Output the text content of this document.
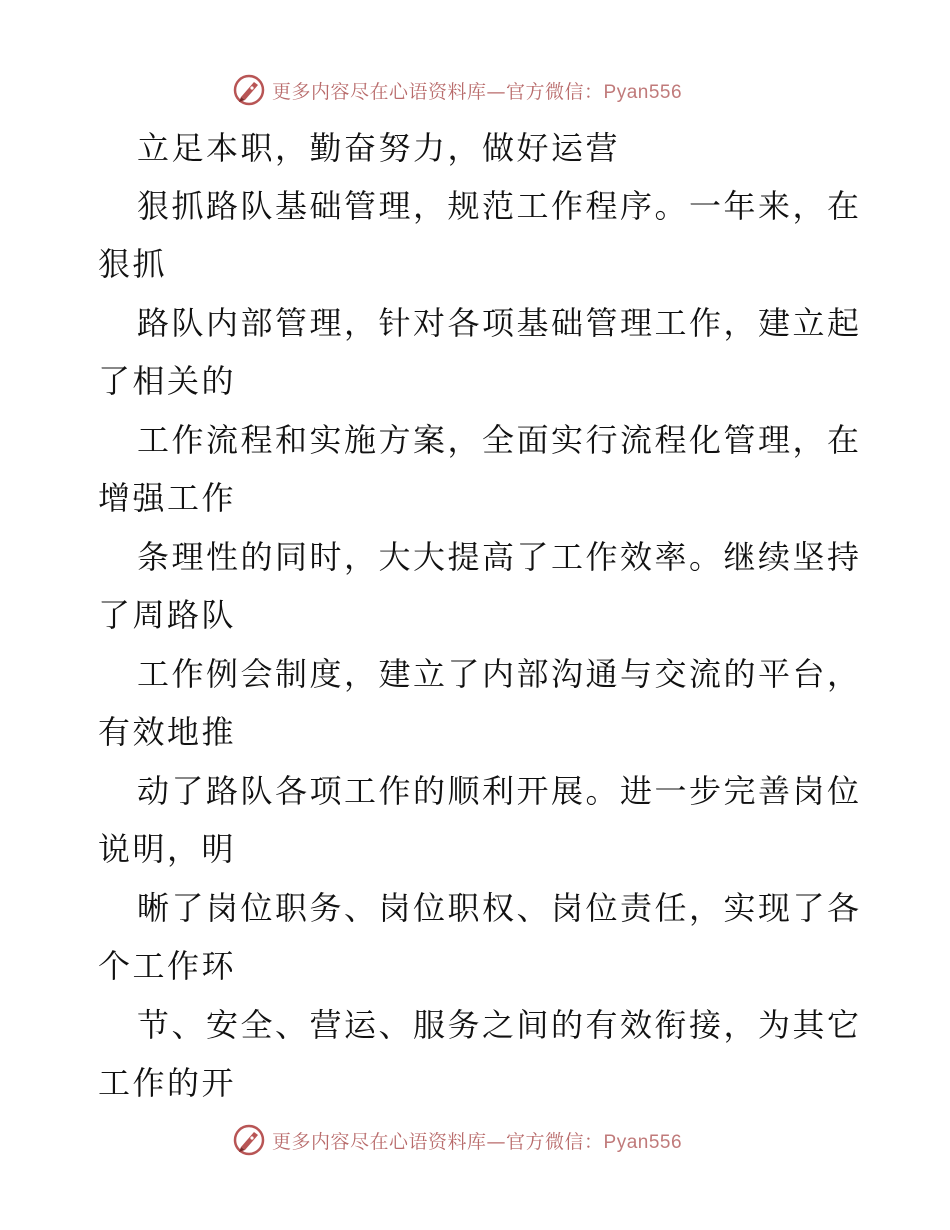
更多内容尽在心语资料库—官方微信：Pyan556
立足本职，勤奋努力，做好运营
狠抓路队基础管理，规范工作程序。一年来，在
狠抓
路队内部管理，针对各项基础管理工作，建立起
了相关的
工作流程和实施方案，全面实行流程化管理，在
增强工作
条理性的同时，大大提高了工作效率。继续坚持
了周路队
工作例会制度，建立了内部沟通与交流的平台，
有效地推
动了路队各项工作的顺利开展。进一步完善岗位
说明，明
晰了岗位职务、岗位职权、岗位责任，实现了各
个工作环
节、安全、营运、服务之间的有效衔接，为其它
工作的开
更多内容尽在心语资料库—官方微信：Pyan556
